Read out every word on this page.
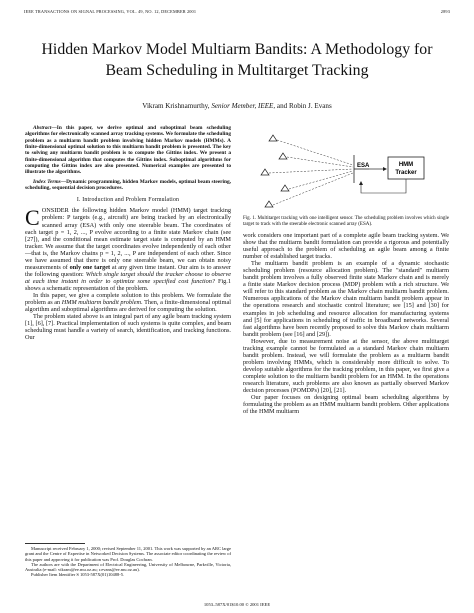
IEEE TRANSACTIONS ON SIGNAL PROCESSING, VOL. 49, NO. 12, DECEMBER 2001	2893
Hidden Markov Model Multiarm Bandits: A Methodology for Beam Scheduling in Multitarget Tracking
Vikram Krishnamurthy, Senior Member, IEEE, and Robin J. Evans

Abstract—In this paper, we derive optimal and suboptimal beam scheduling algorithms for electronically scanned array tracking systems. We formulate the scheduling problem as a multiarm bandit problem involving hidden Markov models (HMMs). A finite-dimensional optimal solution to this multiarm bandit problem is presented. The key to solving any multiarm bandit problem is to compute the Gittins index. We present a finite-dimensional algorithm that computes the Gittins index. Suboptimal algorithms for computing the Gittins index are also presented. Numerical examples are presented to illustrate the algorithms.

Index Terms—Dynamic programming, hidden Markov models, optimal beam steering, scheduling, sequential decision procedures.

I. Introduction and Problem Formulation

CONSIDER the following hidden Markov model (HMM) target tracking problem: P targets (e.g., aircraft) are being tracked by an electronically scanned array (ESA) with only one steerable beam. The coordinates of each target p = 1, 2, ..., P evolve according to a finite state Markov chain (see [27]), and the conditional mean estimate target state is computed by an HMM tracker. We assume that the target coordinates evolve independently of each other—that is, the Markov chains p = 1, 2, ..., P are independent of each other. Since we have assumed that there is only one steerable beam, we can obtain noisy measurements of only one target at any given time instant. Our aim is to answer the following question: Which single target should the tracker choose to observe at each time instant in order to optimize some specified cost function? Fig.1 shows a schematic representation of the problem.

In this paper, we give a complete solution to this problem. We formulate the problem as an HMM multiarm bandit problem. Then, a finite-dimensional optimal algorithm and suboptimal algorithms are derived for computing the solution.

The problem stated above is an integral part of any agile beam tracking system [1], [6], [7]. Practical implementation of such systems is quite complex, and beam scheduling must handle a variety of search, identification, and tracking functions. Our

Manuscript received February 1, 2000; revised September 11, 2001. This work was supported by an ARC large grant and the Centre of Expertise in Networked Decision Systems. The associate editor coordinating the review of this paper and approving it for publication was Prof. Douglas Cochran.

The authors are with the Department of Electrical Engineering, University of Melbourne, Parkville, Victoria, Australia (e-mail: vikram@ee.mu.oz.au; r.evans@ee.mu.oz.au).

Publisher Item Identifier S 1053-587X(01)10488-5.

ESA	HMM
Tracker

Fig. 1. Multitarget tracking with one intelligent sensor. The scheduling problem involves which single target to track with the steerable electronic scanned array (ESA).

work considers one important part of a complete agile beam tracking system. We show that the multiarm bandit formulation can provide a rigorous and potentially useful approach to the problem of scheduling an agile beam among a finite number of established target tracks.

The multiarm bandit problem is an example of a dynamic stochastic scheduling problem (resource allocation problem). The "standard" multiarm bandit problem involves a fully observed finite state Markov chain and is merely a finite state Markov decision process (MDP) problem with a rich structure. We will refer to this standard problem as the Markov chain multiarm bandit problem. Numerous applications of the Markov chain multiarm bandit problem appear in the operations research and stochastic control literature; see [15] and [30] for examples in job scheduling and resource allocation for manufacturing systems and [5] for applications in scheduling of traffic in broadband networks. Several fast algorithms have been recently proposed to solve this Markov chain multiarm bandit problem (see [16] and [29]).

However, due to measurement noise at the sensor, the above multitarget tracking example cannot be formulated as a standard Markov chain multiarm bandit problem. Instead, we will formulate the problem as a multiarm bandit problem involving HMMs, which is considerably more difficult to solve. To develop suitable algorithms for the tracking problem, in this paper, we first give a complete solution to the multiarm bandit problem for an HMM. In the operations research literature, such problems are also known as partially observed Markov decision processes (POMDPs) [20], [21].

Our paper focuses on designing optimal beam scheduling algorithms by formulating the problem as an HMM multiarm bandit problem. Other applications of the HMM multiarm

1053–587X/01$10.00 © 2001 IEEE
